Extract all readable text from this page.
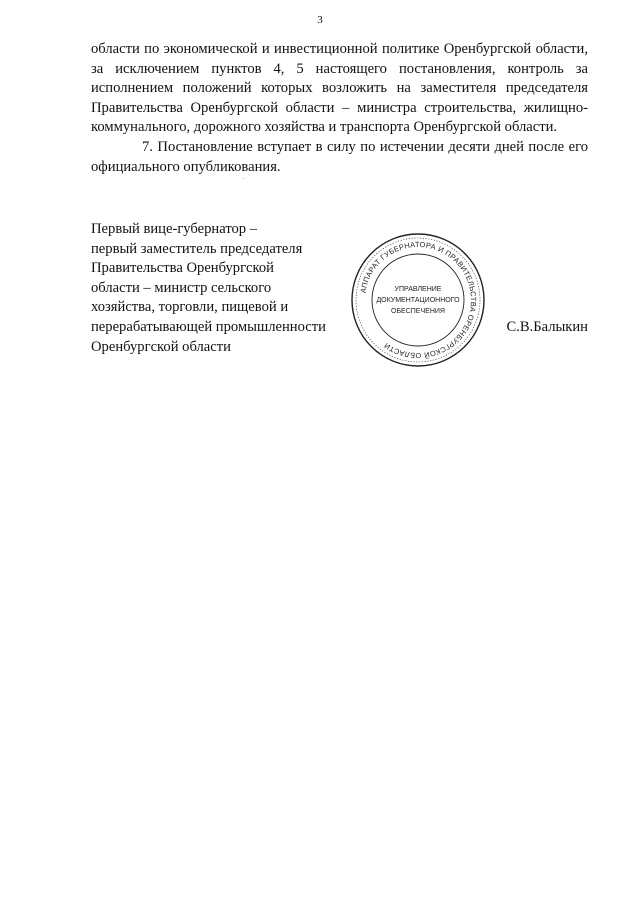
3

области по экономической и инвестиционной политике Оренбургской области, за исключением пунктов 4, 5 настоящего постановления, контроль за исполнением положений которых возложить на заместителя председателя Правительства Оренбургской области – министра строительства, жилищно-коммунального, дорожного хозяйства и транспорта Оренбургской области.

7. Постановление вступает в силу по истечении десяти дней после его официального опубликования.

Первый вице-губернатор –
первый заместитель председателя
Правительства Оренбургской
области – министр сельского
хозяйства, торговли, пищевой и
перерабатывающей промышленности
Оренбургской области
АППАРАТ ГУБЕРНАТОРА И ПРАВИТЕЛЬСТВА ОРЕНБУРГСКОЙ ОБЛАСТИ
УПРАВЛЕНИЕ
ДОКУМЕНТАЦИОННОГО
ОБЕСПЕЧЕНИЯ
С.В.Балыкин
